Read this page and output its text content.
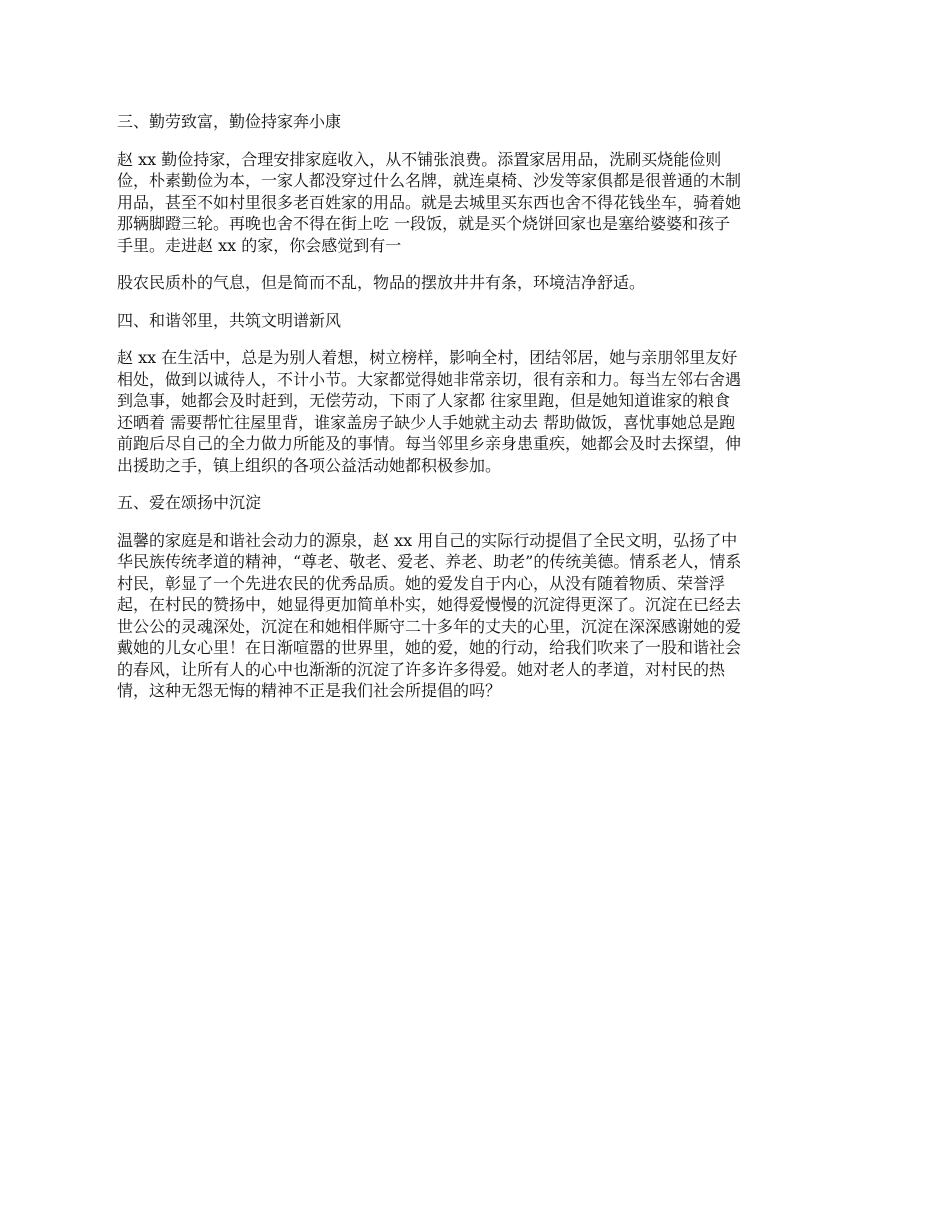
三、勤劳致富，勤俭持家奔小康
赵 xx 勤俭持家，合理安排家庭收入，从不铺张浪费。添置家居用品，洗刷买烧能俭则
俭，朴素勤俭为本，一家人都没穿过什么名牌，就连桌椅、沙发等家俱都是很普通的木制
用品，甚至不如村里很多老百姓家的用品。就是去城里买东西也舍不得花钱坐车，骑着她
那辆脚蹬三轮。再晚也舍不得在街上吃 一段饭，就是买个烧饼回家也是塞给婆婆和孩子
手里。走进赵 xx 的家，你会感觉到有一
股农民质朴的气息，但是简而不乱，物品的摆放井井有条，环境洁净舒适。
四、和谐邻里，共筑文明谱新风
赵 xx 在生活中，总是为别人着想，树立榜样，影响全村，团结邻居，她与亲朋邻里友好
相处，做到以诚待人，不计小节。大家都觉得她非常亲切，很有亲和力。每当左邻右舍遇
到急事，她都会及时赶到，无偿劳动，下雨了人家都 往家里跑，但是她知道谁家的粮食
还晒着 需要帮忙往屋里背，谁家盖房子缺少人手她就主动去 帮助做饭，喜忧事她总是跑
前跑后尽自己的全力做力所能及的事情。每当邻里乡亲身患重疾，她都会及时去探望，伸
出援助之手，镇上组织的各项公益活动她都积极参加。
五、爱在颂扬中沉淀
温馨的家庭是和谐社会动力的源泉，赵 xx 用自己的实际行动提倡了全民文明，弘扬了中
华民族传统孝道的精神，“尊老、敬老、爱老、养老、助老”的传统美德。情系老人，情系
村民，彰显了一个先进农民的优秀品质。她的爱发自于内心，从没有随着物质、荣誉浮
起，在村民的赞扬中，她显得更加简单朴实，她得爱慢慢的沉淀得更深了。沉淀在已经去
世公公的灵魂深处，沉淀在和她相伴厮守二十多年的丈夫的心里，沉淀在深深感谢她的爱
戴她的儿女心里！在日渐喧嚣的世界里，她的爱，她的行动，给我们吹来了一股和谐社会
的春风，让所有人的心中也渐渐的沉淀了许多许多得爱。她对老人的孝道，对村民的热
情，这种无怨无悔的精神不正是我们社会所提倡的吗？
